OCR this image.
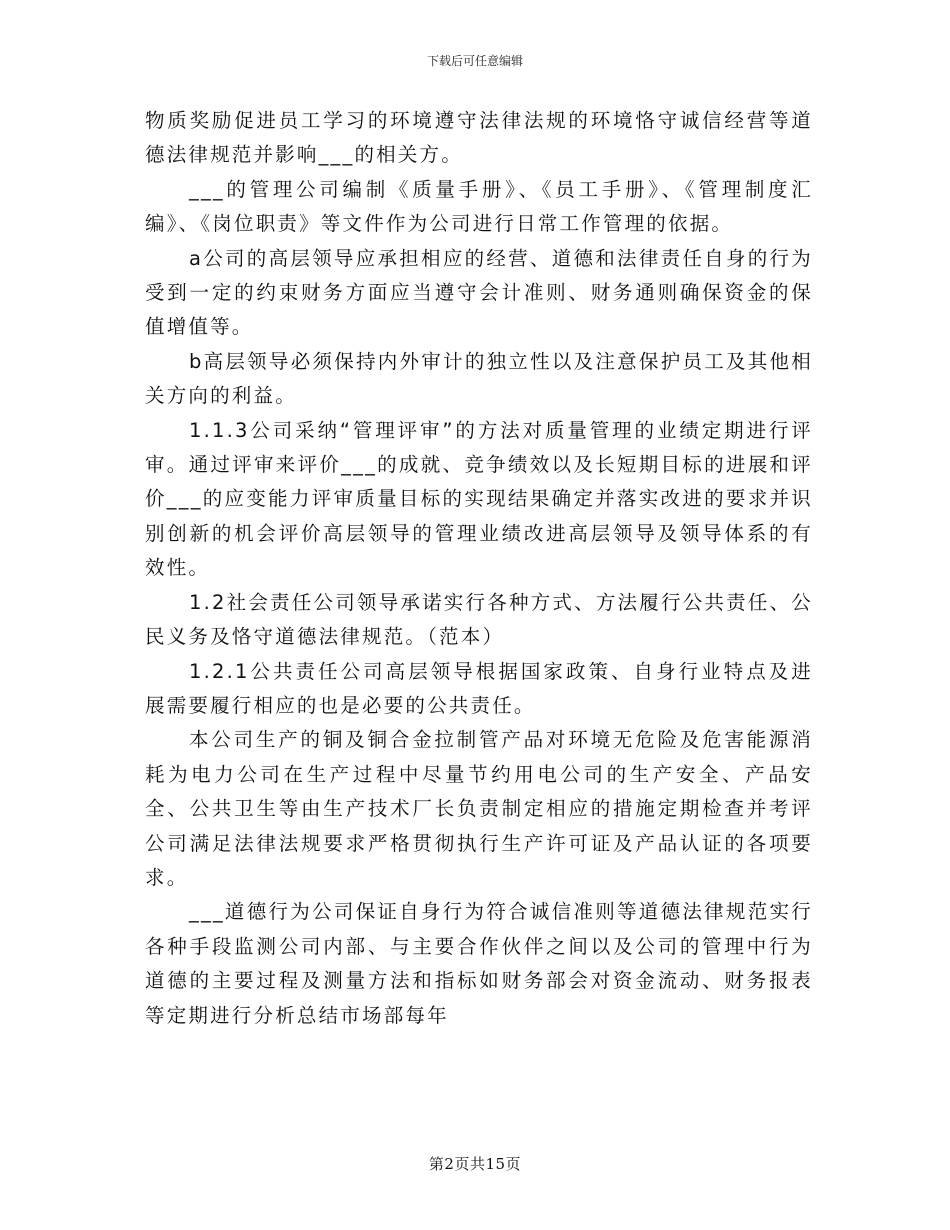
下载后可任意编辑

物质奖励促进员工学习的环境遵守法律法规的环境恪守诚信经营等道德法律规范并影响___的相关方。

___的管理公司编制《质量手册》、《员工手册》、《管理制度汇编》、《岗位职责》等文件作为公司进行日常工作管理的依据。

a公司的高层领导应承担相应的经营、道德和法律责任自身的行为受到一定的约束财务方面应当遵守会计准则、财务通则确保资金的保值增值等。

b高层领导必须保持内外审计的独立性以及注意保护员工及其他相关方向的利益。

1.1.3公司采纳“管理评审”的方法对质量管理的业绩定期进行评审。通过评审来评价___的成就、竞争绩效以及长短期目标的进展和评价___的应变能力评审质量目标的实现结果确定并落实改进的要求并识别创新的机会评价高层领导的管理业绩改进高层领导及领导体系的有效性。

1.2社会责任公司领导承诺实行各种方式、方法履行公共责任、公民义务及恪守道德法律规范。（范本）

1.2.1公共责任公司高层领导根据国家政策、自身行业特点及进展需要履行相应的也是必要的公共责任。

本公司生产的铜及铜合金拉制管产品对环境无危险及危害能源消耗为电力公司在生产过程中尽量节约用电公司的生产安全、产品安全、公共卫生等由生产技术厂长负责制定相应的措施定期检查并考评公司满足法律法规要求严格贯彻执行生产许可证及产品认证的各项要求。

___道德行为公司保证自身行为符合诚信准则等道德法律规范实行各种手段监测公司内部、与主要合作伙伴之间以及公司的管理中行为道德的主要过程及测量方法和指标如财务部会对资金流动、财务报表等定期进行分析总结市场部每年

第2页共15页
